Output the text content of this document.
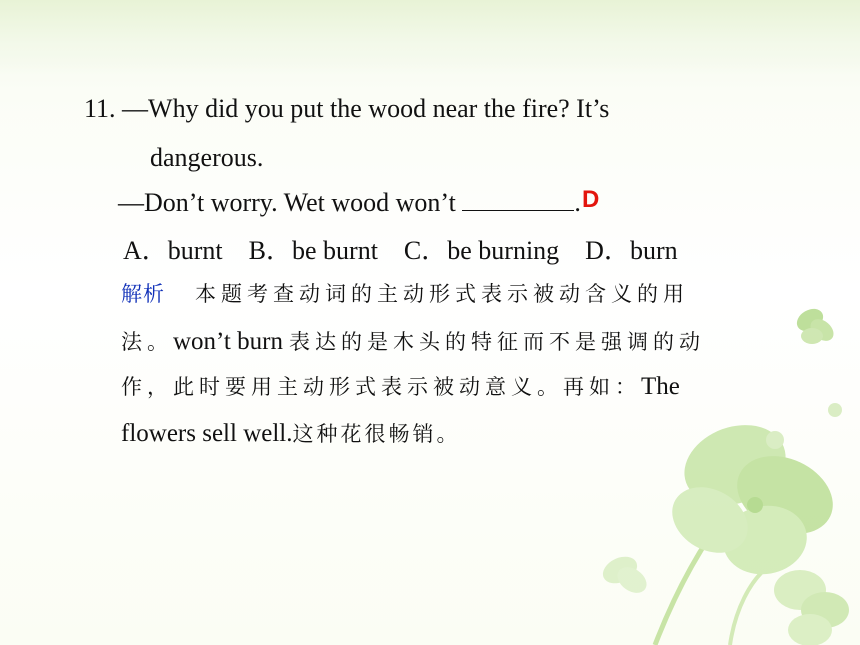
11. —Why did you put the wood near the fire? It’s
dangerous.
—Don’t worry. Wet wood won’t	. D
A．burnt    B．be burnt    C．be burning    D．burn
解析 本题考查动词的主动形式表示被动含义的用
法。won’t burn 表达的是木头的特征而不是强调的动
作，此时要用主动形式表示被动意义。再如：The
flowers sell well.这种花很畅销。
